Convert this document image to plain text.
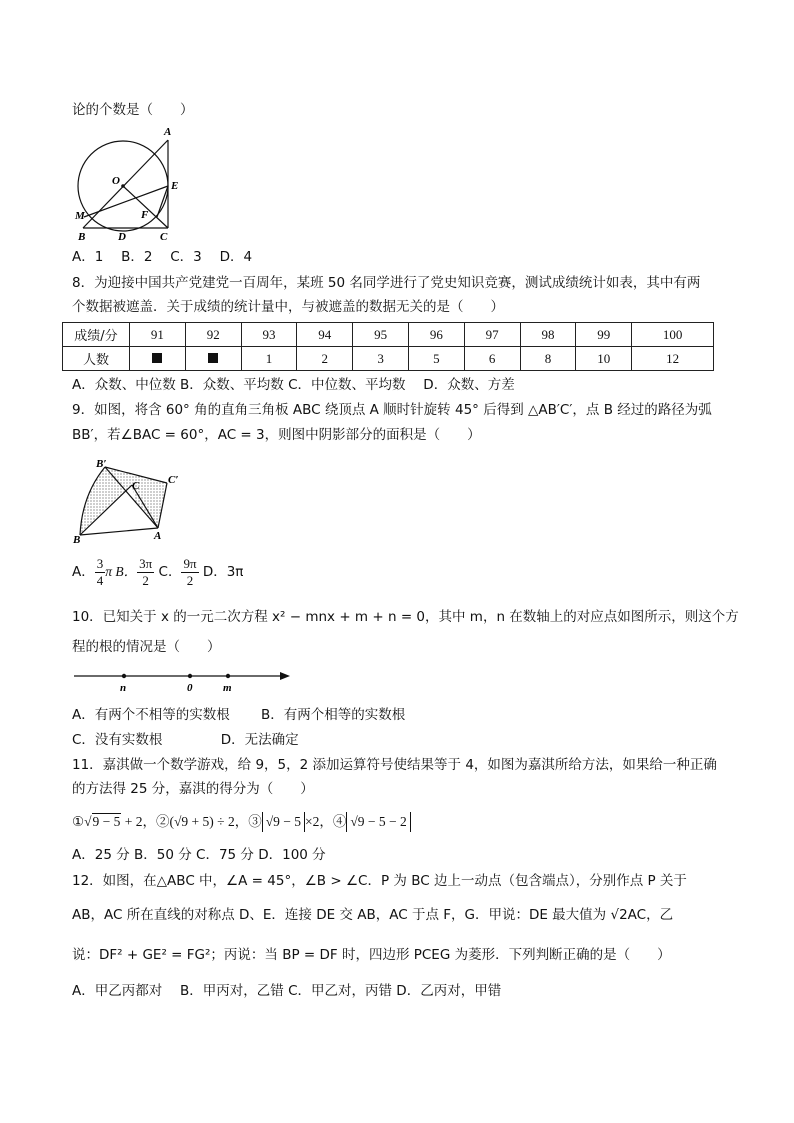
论的个数是（　　）
A
O	E
M	F
B	D	C
A．1　 B．2　 C．3　 D．4
8．为迎接中国共产党建党一百周年，某班 50 名同学进行了党史知识竞赛，测试成绩统计如表，其中有两
个数据被遮盖．关于成绩的统计量中，与被遮盖的数据无关的是（　　）
成绩/分	91	92	93	94	95	96	97	98	99	100
人数			1	2	3	5	6	8	10	12
A．众数、中位数 B．众数、平均数 C．中位数、平均数　 D．众数、方差
9．如图，将含 60° 角的直角三角板 ABC 绕顶点 A 顺时针旋转 45° 后得到 △AB′C′，点 B 经过的路径为弧
BB′，若∠BAC = 60°，AC = 3，则图中阴影部分的面积是（　　）
B′
C′
C
B	A
A． $\frac{3}{4}$ π B． $\frac{3\pi}{2}$ C． $\frac{9\pi}{2}$ D．3π
10．已知关于 x 的一元二次方程 x² − mnx + m + n = 0，其中 m，n 在数轴上的对应点如图所示，则这个方
程的根的情况是（　　）
n	0	m
A．有两个不相等的实数根　　 B．有两个相等的实数根
C．没有实数根　　　　 D．无法确定
11．嘉淇做一个数学游戏，给 9，5，2 添加运算符号使结果等于 4，如图为嘉淇所给方法，如果给一种正确
的方法得 25 分，嘉淇的得分为（　　）
①√9 − 5 + 2，②(√9 + 5) ÷ 2，③ √9 − 5 ×2，④ √9 − 5 − 2
A．25 分 B．50 分 C．75 分 D．100 分
12．如图，在△ABC 中，∠A = 45°，∠B > ∠C．P 为 BC 边上一动点（包含端点），分别作点 P 关于
AB，AC 所在直线的对称点 D、E．连接 DE 交 AB，AC 于点 F，G．甲说：DE 最大值为 √2AC，乙
说：DF² + GE² = FG²；丙说：当 BP = DF 时，四边形 PCEG 为菱形．下列判断正确的是（　　）
A．甲乙丙都对　 B．甲丙对，乙错 C．甲乙对，丙错 D．乙丙对，甲错
